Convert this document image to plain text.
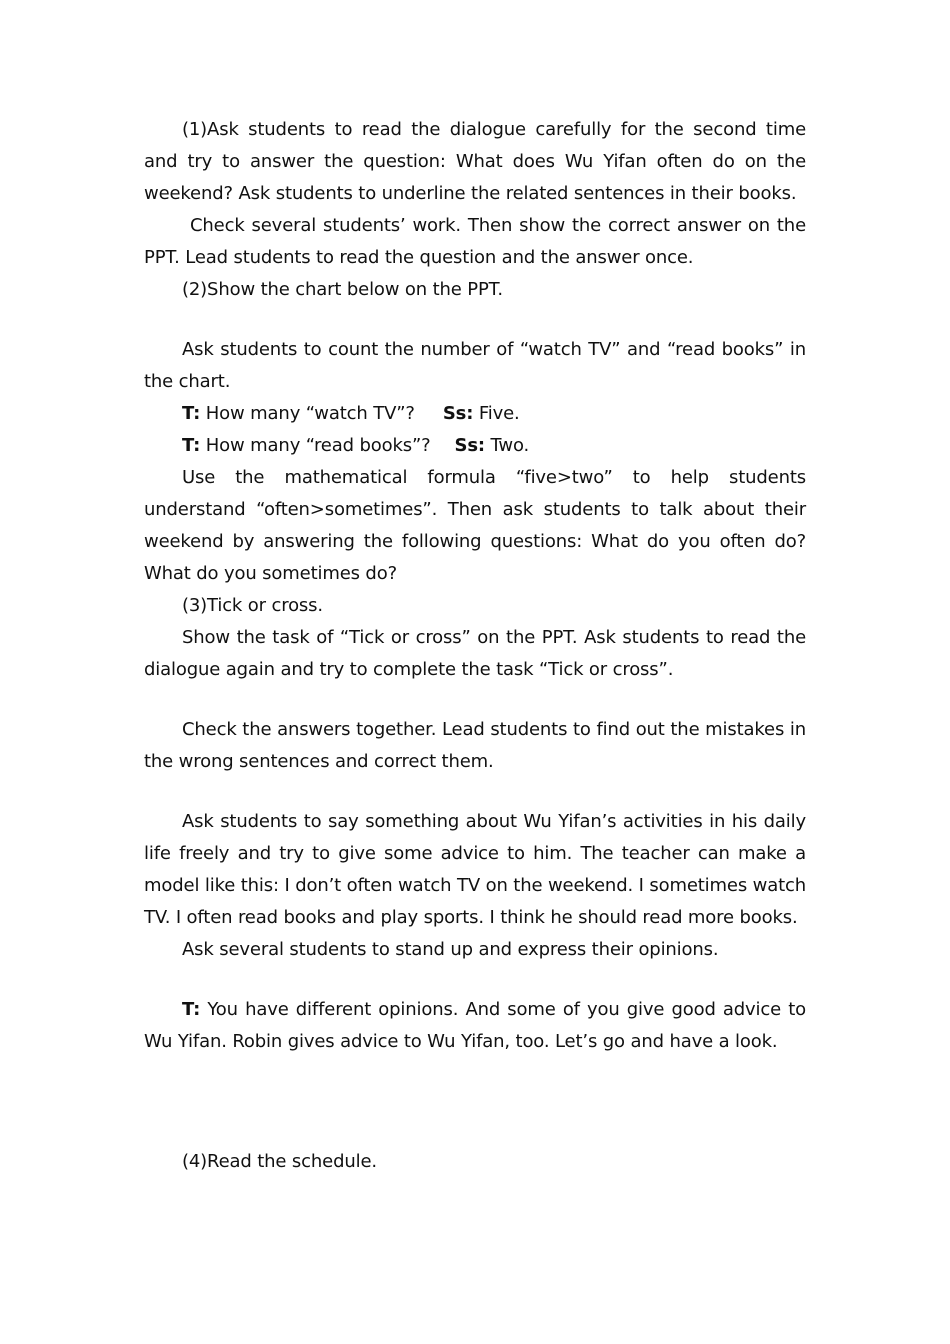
(1)Ask students to read the dialogue carefully for the second time and try to answer the question: What does Wu Yifan often do on the weekend? Ask students to underline the related sentences in their books.

Check several students’ work. Then show the correct answer on the PPT. Lead students to read the question and the answer once.

(2)Show the chart below on the PPT.

Ask students to count the number of “watch TV” and “read books” in the chart.

T: How many “watch TV”? Ss: Five.

T: How many “read books”? Ss: Two.

Use the mathematical formula “five>two” to help students understand “often>sometimes”. Then ask students to talk about their weekend by answering the following questions: What do you often do? What do you sometimes do?

(3)Tick or cross.

Show the task of “Tick or cross” on the PPT. Ask students to read the dialogue again and try to complete the task “Tick or cross”.

Check the answers together. Lead students to find out the mistakes in the wrong sentences and correct them.

Ask students to say something about Wu Yifan’s activities in his daily life freely and try to give some advice to him. The teacher can make a model like this: I don’t often watch TV on the weekend. I sometimes watch TV. I often read books and play sports. I think he should read more books.

Ask several students to stand up and express their opinions.

T: You have different opinions. And some of you give good advice to Wu Yifan. Robin gives advice to Wu Yifan, too. Let’s go and have a look.

(4)Read the schedule.
